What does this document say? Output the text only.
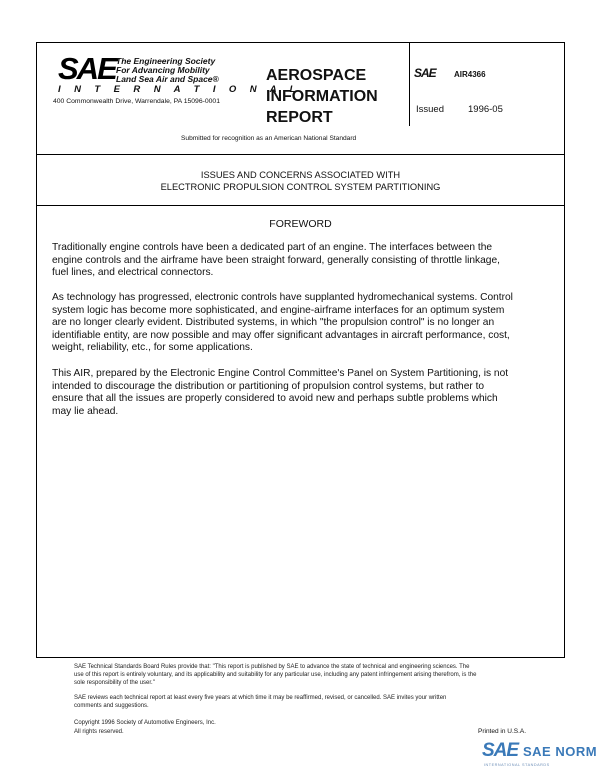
SAE The Engineering Society
For Advancing Mobility
Land Sea Air and Space®
I N T E R N A T I O N A L
400 Commonwealth Drive, Warrendale, PA 15096-0001
AEROSPACE
INFORMATION
REPORT
SAE AIR4366
Issued	1996-05
Submitted for recognition as an American National Standard
ISSUES AND CONCERNS ASSOCIATED WITH
ELECTRONIC PROPULSION CONTROL SYSTEM PARTITIONING
FOREWORD
Traditionally engine controls have been a dedicated part of an engine. The interfaces between the
engine controls and the airframe have been straight forward, generally consisting of throttle linkage,
fuel lines, and electrical connectors.
As technology has progressed, electronic controls have supplanted hydromechanical systems. Control
system logic has become more sophisticated, and engine-airframe interfaces for an optimum system
are no longer clearly evident. Distributed systems, in which "the propulsion control" is no longer an
identifiable entity, are now possible and may offer significant advantages in aircraft performance, cost,
weight, reliability, etc., for some applications.
This AIR, prepared by the Electronic Engine Control Committee's Panel on System Partitioning, is not
intended to discourage the distribution or partitioning of propulsion control systems, but rather to
ensure that all the issues are properly considered to avoid new and perhaps subtle problems which
may lie ahead.
SAE Technical Standards Board Rules provide that: "This report is published by SAE to advance the state of technical and engineering sciences. The
use of this report is entirely voluntary, and its applicability and suitability for any particular use, including any patent infringement arising therefrom, is the
sole responsibility of the user."
SAE reviews each technical report at least every five years at which time it may be reaffirmed, revised, or cancelled. SAE invites your written
comments and suggestions.
Copyright 1996 Society of Automotive Engineers, Inc.
All rights reserved.	Printed in U.S.A.
SAE SAE NORM
INTERNATIONAL STANDARDS
